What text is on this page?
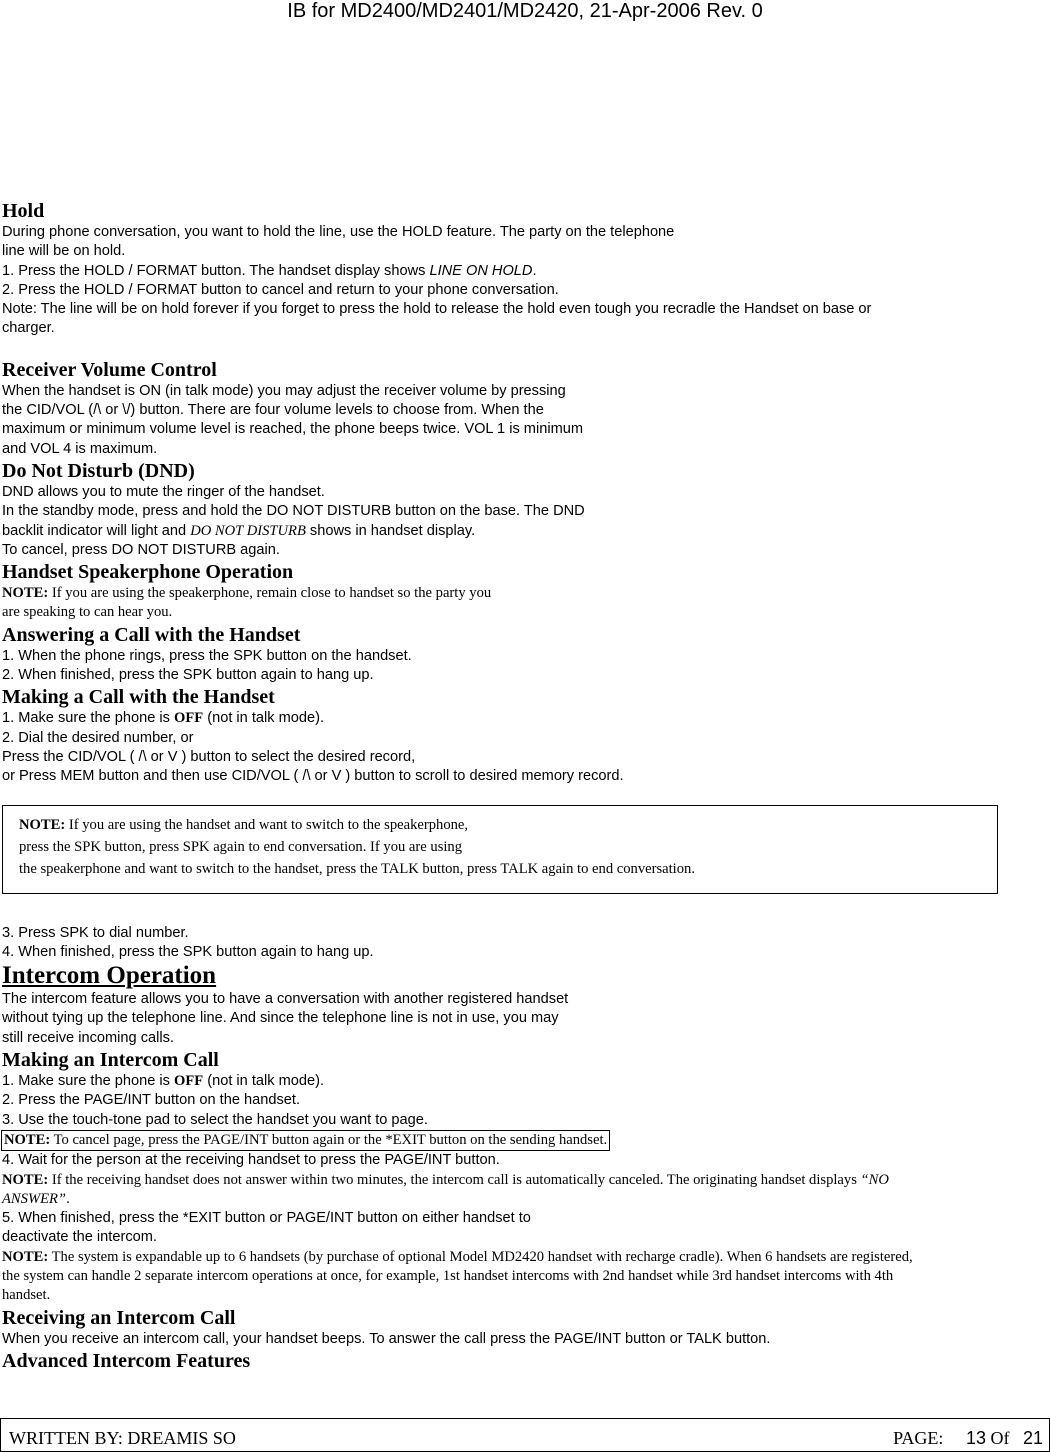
IB for MD2400/MD2401/MD2420, 21-Apr-2006 Rev. 0

Hold

During phone conversation, you want to hold the line, use the HOLD feature. The party on the telephone

line will be on hold.

1. Press the HOLD / FORMAT button. The handset display shows LINE ON HOLD.

2. Press the HOLD / FORMAT button to cancel and return to your phone conversation.

Note: The line will be on hold forever if you forget to press the hold to release the hold even tough you recradle the Handset on base or

charger.

Receiver Volume Control

When the handset is ON (in talk mode) you may adjust the receiver volume by pressing

the CID/VOL (/\ or \/) button. There are four volume levels to choose from. When the

maximum or minimum volume level is reached, the phone beeps twice. VOL 1 is minimum

and VOL 4 is maximum.

Do Not Disturb (DND)

DND allows you to mute the ringer of the handset.

In the standby mode, press and hold the DO NOT DISTURB button on the base. The DND

backlit indicator will light and DO NOT DISTURB shows in handset display.

To cancel, press DO NOT DISTURB again.

Handset Speakerphone Operation

NOTE: If you are using the speakerphone, remain close to handset so the party you

are speaking to can hear you.

Answering a Call with the Handset

1. When the phone rings, press the SPK button on the handset.

2. When finished, press the SPK button again to hang up.

Making a Call with the Handset

1. Make sure the phone is OFF (not in talk mode).

2. Dial the desired number, or

Press the CID/VOL ( /\ or V ) button to select the desired record,

or Press MEM button and then use CID/VOL ( /\ or V ) button to scroll to desired memory record.

NOTE: If you are using the handset and want to switch to the speakerphone,

press the SPK button, press SPK again to end conversation. If you are using

the speakerphone and want to switch to the handset, press the TALK button, press TALK again to end conversation.

3. Press SPK to dial number.

4. When finished, press the SPK button again to hang up.

Intercom Operation

The intercom feature allows you to have a conversation with another registered handset

without tying up the telephone line. And since the telephone line is not in use, you may

still receive incoming calls.

Making an Intercom Call

1. Make sure the phone is OFF (not in talk mode).

2. Press the PAGE/INT button on the handset.

3. Use the touch-tone pad to select the handset you want to page.

NOTE: To cancel page, press the PAGE/INT button again or the *EXIT button on the sending handset.

4. Wait for the person at the receiving handset to press the PAGE/INT button.

NOTE: If the receiving handset does not answer within two minutes, the intercom call is automatically canceled. The originating handset displays “NO

ANSWER”.

5. When finished, press the *EXIT button or PAGE/INT button on either handset to

deactivate the intercom.

NOTE: The system is expandable up to 6 handsets (by purchase of optional Model MD2420 handset with recharge cradle). When 6 handsets are registered,

the system can handle 2 separate intercom operations at once, for example, 1st handset intercoms with 2nd handset while 3rd handset intercoms with 4th

handset.

Receiving an Intercom Call

When you receive an intercom call, your handset beeps. To answer the call press the PAGE/INT button or TALK button.

Advanced Intercom Features

WRITTEN BY: DREAMIS SO	PAGE: 13 Of 21
